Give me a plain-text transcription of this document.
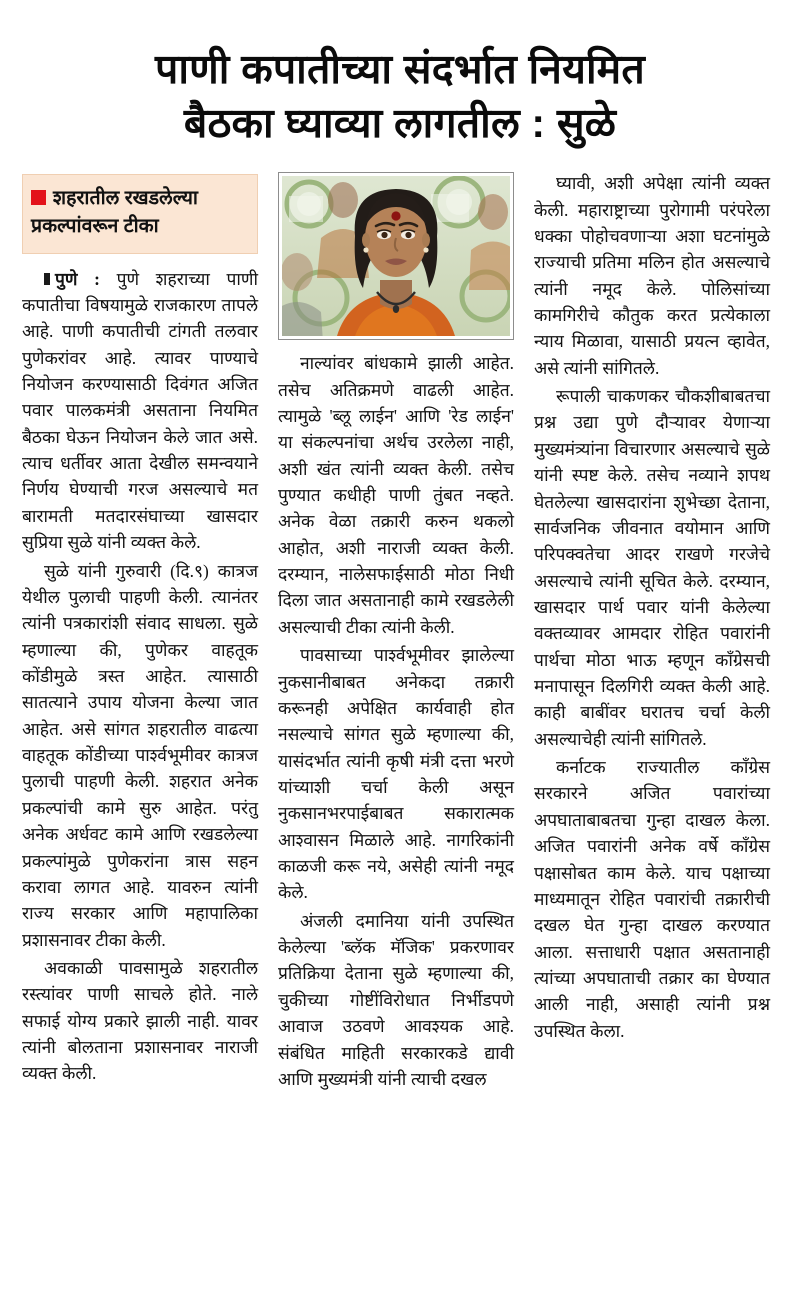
पाणी कपातीच्या संदर्भात नियमित
बैठका घ्याव्या लागतील : सुळे

शहरातील रखडलेल्या प्रकल्पांवरून टीका

पुणे : पुणे शहराच्या पाणी कपातीचा विषयामुळे राजकारण तापले आहे. पाणी कपातीची टांगती तलवार पुणेकरांवर आहे. त्यावर पाण्याचे नियोजन करण्यासाठी दिवंगत अजित पवार पालकमंत्री असताना नियमित बैठका घेऊन नियोजन केले जात असे. त्याच धर्तीवर आता देखील समन्वयाने निर्णय घेण्याची गरज असल्याचे मत बारामती मतदारसंघाच्या खासदार सुप्रिया सुळे यांनी व्यक्त केले.

सुळे यांनी गुरुवारी (दि.९) कात्रज येथील पुलाची पाहणी केली. त्यानंतर त्यांनी पत्रकारांशी संवाद साधला. सुळे म्हणाल्या की, पुणेकर वाहतूक कोंडीमुळे त्रस्त आहेत. त्यासाठी सातत्याने उपाय योजना केल्या जात आहेत. असे सांगत शहरातील वाढत्या वाहतूक कोंडीच्या पार्श्वभूमीवर कात्रज पुलाची पाहणी केली. शहरात अनेक प्रकल्पांची कामे सुरु आहेत. परंतु अनेक अर्धवट कामे आणि रखडलेल्या प्रकल्पांमुळे पुणेकरांना त्रास सहन करावा लागत आहे. यावरुन त्यांनी राज्य सरकार आणि महापालिका प्रशासनावर टीका केली.

अवकाळी पावसामुळे शहरातील रस्त्यांवर पाणी साचले होते. नाले सफाई योग्य प्रकारे झाली नाही. यावर त्यांनी बोलताना प्रशासनावर नाराजी व्यक्त केली.

नाल्यांवर बांधकामे झाली आहेत. तसेच अतिक्रमणे वाढली आहेत. त्यामुळे 'ब्लू लाईन' आणि 'रेड लाईन' या संकल्पनांचा अर्थच उरलेला नाही, अशी खंत त्यांनी व्यक्त केली. तसेच पुण्यात कधीही पाणी तुंबत नव्हते. अनेक वेळा तक्रारी करुन थकलो आहोत, अशी नाराजी व्यक्त केली. दरम्यान, नालेसफाईसाठी मोठा निधी दिला जात असतानाही कामे रखडलेली असल्याची टीका त्यांनी केली.

पावसाच्या पार्श्वभूमीवर झालेल्या नुकसानीबाबत अनेकदा तक्रारी करूनही अपेक्षित कार्यवाही होत नसल्याचे सांगत सुळे म्हणाल्या की, यासंदर्भात त्यांनी कृषी मंत्री दत्ता भरणे यांच्याशी चर्चा केली असून नुकसानभरपाईबाबत सकारात्मक आश्वासन मिळाले आहे. नागरिकांनी काळजी करू नये, असेही त्यांनी नमूद केले.

अंजली दमानिया यांनी उपस्थित केलेल्या 'ब्लॅक मॅजिक' प्रकरणावर प्रतिक्रिया देताना सुळे म्हणाल्या की, चुकीच्या गोष्टींविरोधात निर्भीडपणे आवाज उठवणे आवश्यक आहे. संबंधित माहिती सरकारकडे द्यावी आणि मुख्यमंत्री यांनी त्याची दखल

घ्यावी, अशी अपेक्षा त्यांनी व्यक्त केली. महाराष्ट्राच्या पुरोगामी परंपरेला धक्का पोहोचवणाऱ्या अशा घटनांमुळे राज्याची प्रतिमा मलिन होत असल्याचे त्यांनी नमूद केले. पोलिसांच्या कामगिरीचे कौतुक करत प्रत्येकाला न्याय मिळावा, यासाठी प्रयत्न व्हावेत, असे त्यांनी सांगितले.

रूपाली चाकणकर चौकशीबाबतचा प्रश्न उद्या पुणे दौऱ्यावर येणाऱ्या मुख्यमंत्र्यांना विचारणार असल्याचे सुळे यांनी स्पष्ट केले. तसेच नव्याने शपथ घेतलेल्या खासदारांना शुभेच्छा देताना, सार्वजनिक जीवनात वयोमान आणि परिपक्वतेचा आदर राखणे गरजेचे असल्याचे त्यांनी सूचित केले. दरम्यान, खासदार पार्थ पवार यांनी केलेल्या वक्तव्यावर आमदार रोहित पवारांनी पार्थचा मोठा भाऊ म्हणून काँग्रेसची मनापासून दिलगिरी व्यक्त केली आहे. काही बाबींवर घरातच चर्चा केली असल्याचेही त्यांनी सांगितले.

कर्नाटक राज्यातील काँग्रेस सरकारने अजित पवारांच्या अपघाताबाबतचा गुन्हा दाखल केला. अजित पवारांनी अनेक वर्षे काँग्रेस पक्षासोबत काम केले. याच पक्षाच्या माध्यमातून रोहित पवारांची तक्रारीची दखल घेत गुन्हा दाखल करण्यात आला. सत्ताधारी पक्षात असतानाही त्यांच्या अपघाताची तक्रार का घेण्यात आली नाही, असाही त्यांनी प्रश्न उपस्थित केला.
